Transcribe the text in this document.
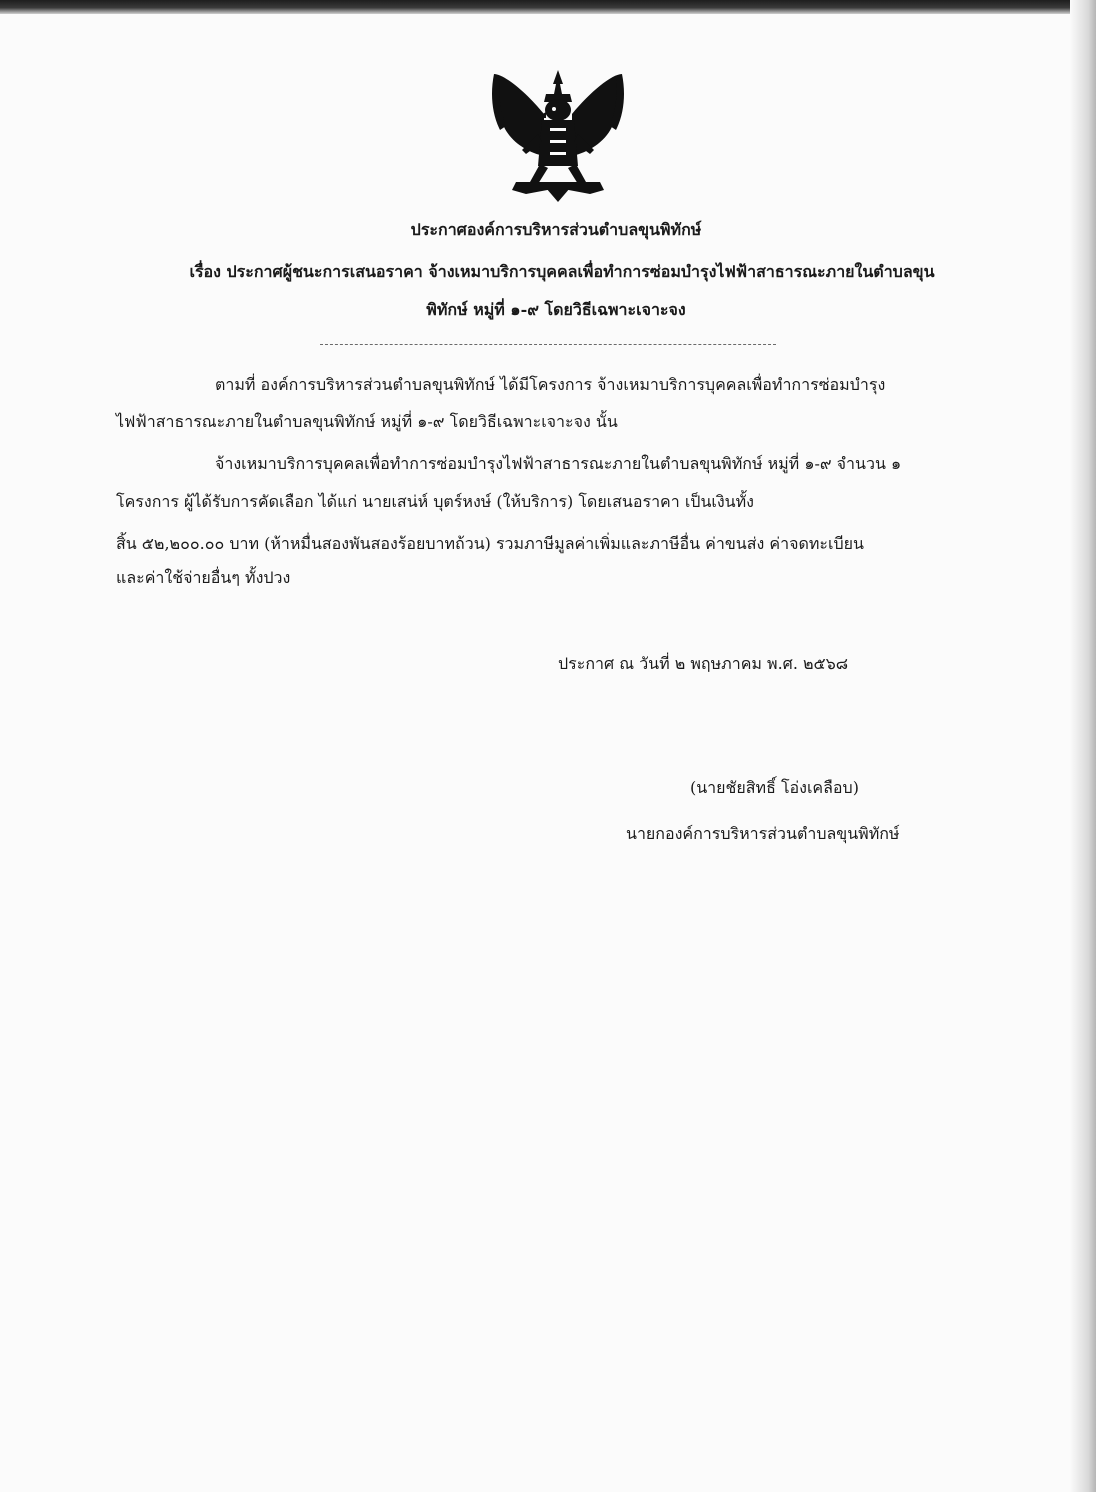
ประกาศองค์การบริหารส่วนตำบลขุนพิทักษ์
เรื่อง ประกาศผู้ชนะการเสนอราคา จ้างเหมาบริการบุคคลเพื่อทำการซ่อมบำรุงไฟฟ้าสาธารณะภายในตำบลขุน
พิทักษ์ หมู่ที่ ๑-๙ โดยวิธีเฉพาะเจาะจง
ตามที่ องค์การบริหารส่วนตำบลขุนพิทักษ์ ได้มีโครงการ จ้างเหมาบริการบุคคลเพื่อทำการซ่อมบำรุง
ไฟฟ้าสาธารณะภายในตำบลขุนพิทักษ์ หมู่ที่ ๑-๙ โดยวิธีเฉพาะเจาะจง นั้น
จ้างเหมาบริการบุคคลเพื่อทำการซ่อมบำรุงไฟฟ้าสาธารณะภายในตำบลขุนพิทักษ์ หมู่ที่ ๑-๙ จำนวน ๑
โครงการ ผู้ได้รับการคัดเลือก ได้แก่ นายเสน่ห์ บุตร์หงษ์ (ให้บริการ) โดยเสนอราคา เป็นเงินทั้ง
สิ้น ๕๒,๒๐๐.๐๐ บาท (ห้าหมื่นสองพันสองร้อยบาทถ้วน) รวมภาษีมูลค่าเพิ่มและภาษีอื่น ค่าขนส่ง ค่าจดทะเบียน
และค่าใช้จ่ายอื่นๆ ทั้งปวง
ประกาศ ณ วันที่ ๒ พฤษภาคม พ.ศ. ๒๕๖๘
(นายชัยสิทธิ์ โอ่งเคลือบ)
นายกองค์การบริหารส่วนตำบลขุนพิทักษ์
